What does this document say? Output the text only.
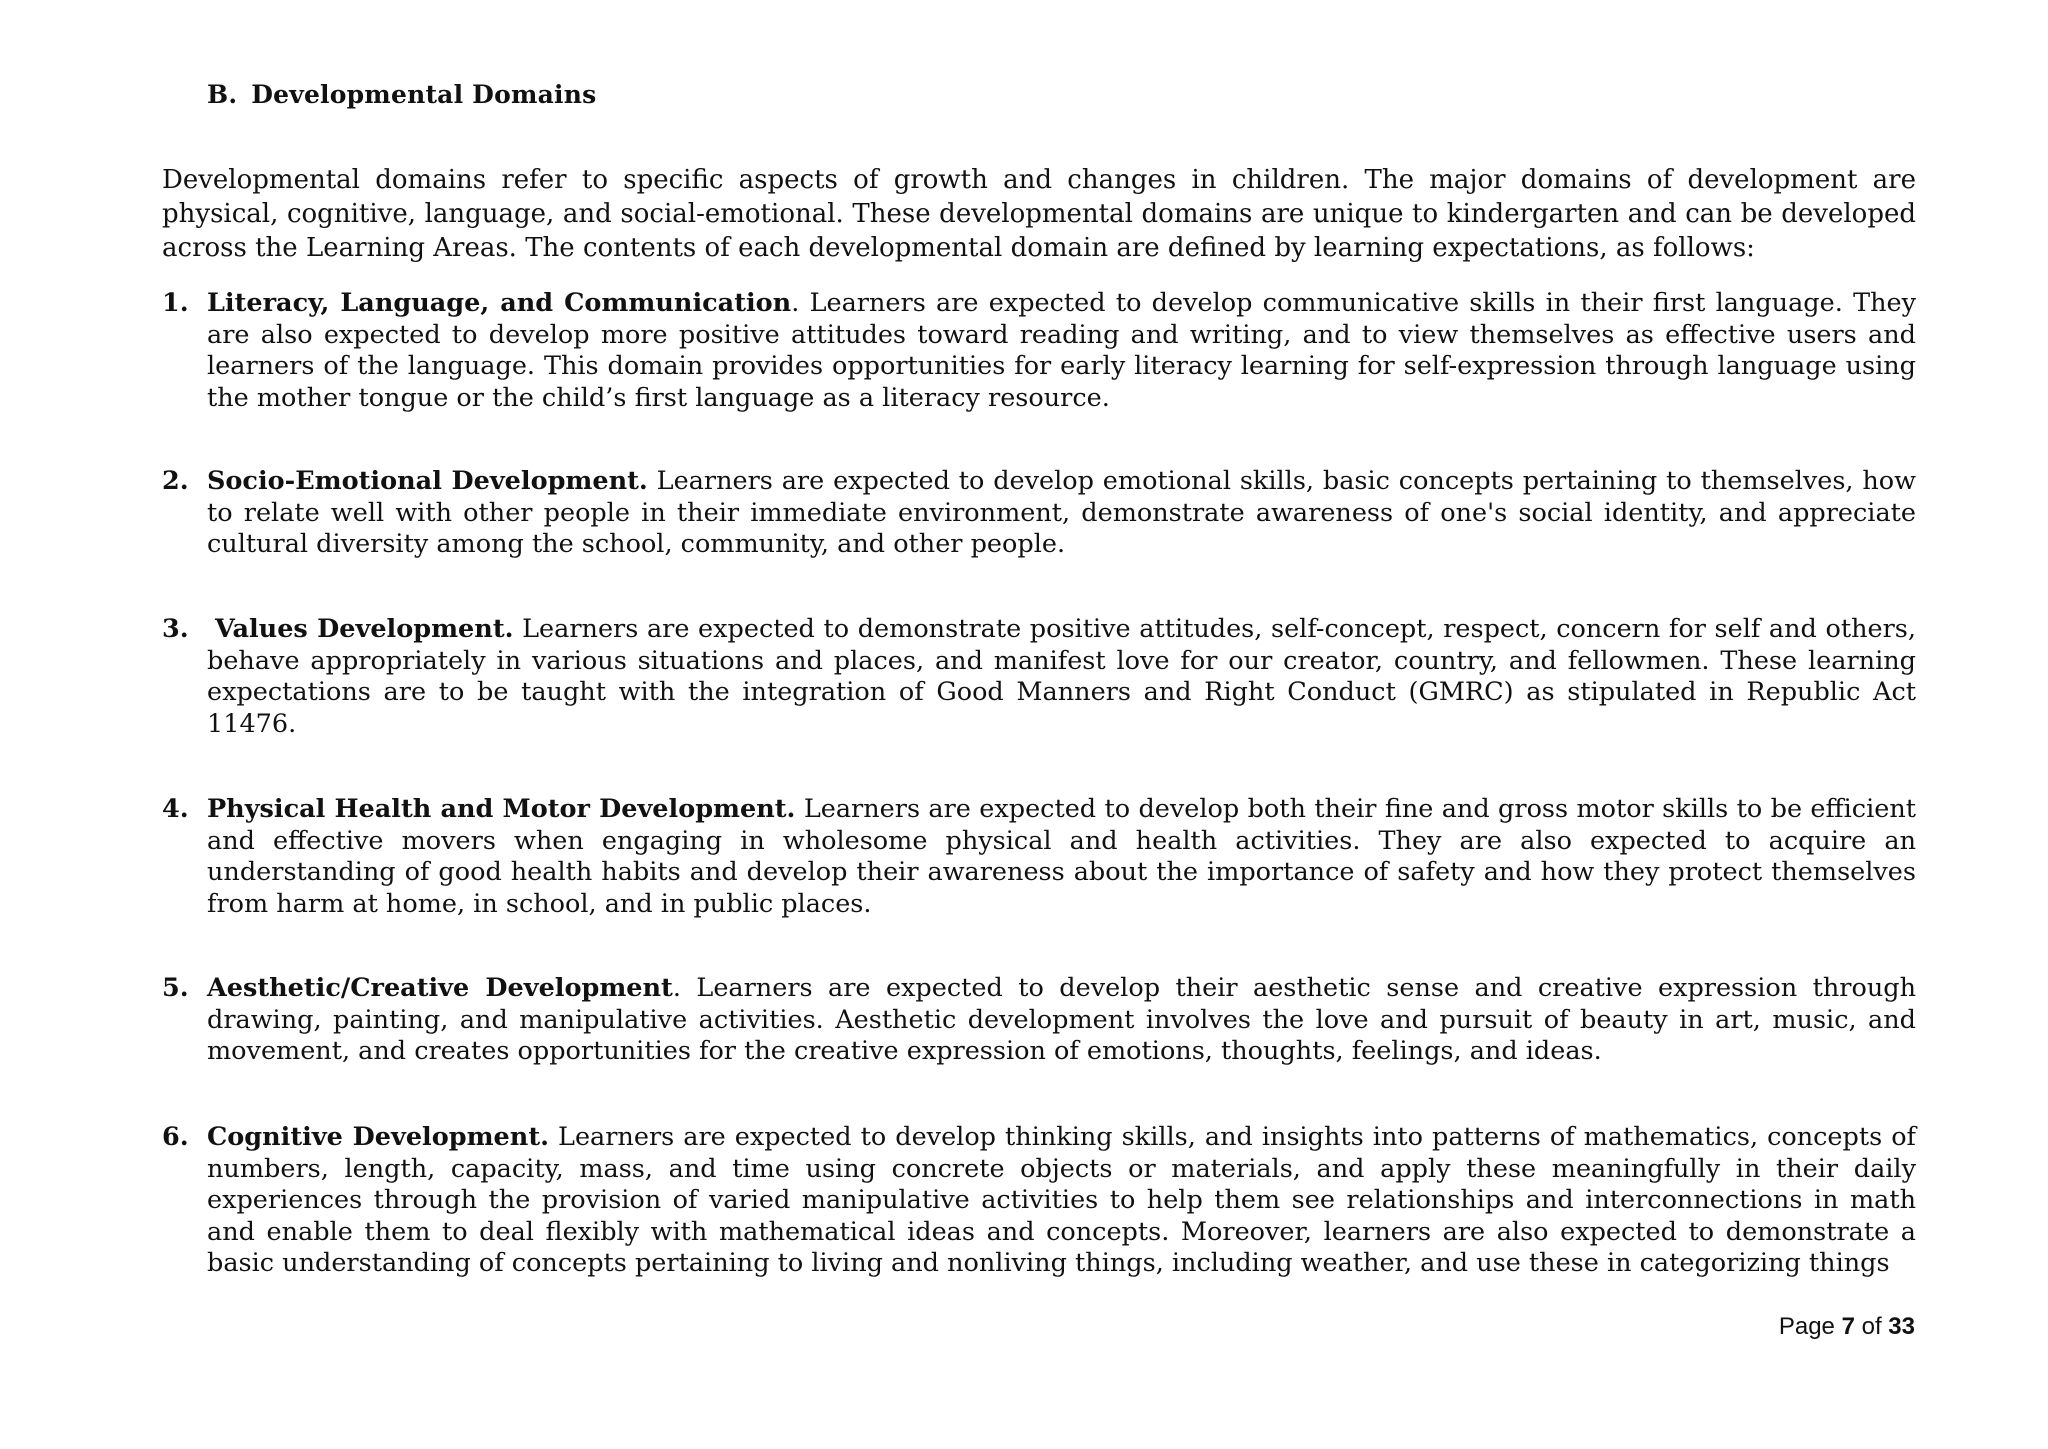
B. Developmental Domains

Developmental domains refer to specific aspects of growth and changes in children. The major domains of development are physical, cognitive, language, and social-emotional. These developmental domains are unique to kindergarten and can be developed across the Learning Areas. The contents of each developmental domain are defined by learning expectations, as follows:

1. Literacy, Language, and Communication. Learners are expected to develop communicative skills in their first language. They are also expected to develop more positive attitudes toward reading and writing, and to view themselves as effective users and learners of the language. This domain provides opportunities for early literacy learning for self-expression through language using the mother tongue or the child’s first language as a literacy resource.
2. Socio-Emotional Development. Learners are expected to develop emotional skills, basic concepts pertaining to themselves, how to relate well with other people in their immediate environment, demonstrate awareness of one's social identity, and appreciate cultural diversity among the school, community, and other people.
3.	Values Development. Learners are expected to demonstrate positive attitudes, self-concept, respect, concern for self and others, behave appropriately in various situations and places, and manifest love for our creator, country, and fellowmen. These learning expectations are to be taught with the integration of Good Manners and Right Conduct (GMRC) as stipulated in Republic Act 11476.
4. Physical Health and Motor Development. Learners are expected to develop both their fine and gross motor skills to be efficient and effective movers when engaging in wholesome physical and health activities. They are also expected to acquire an understanding of good health habits and develop their awareness about the importance of safety and how they protect themselves from harm at home, in school, and in public places.
5. Aesthetic/Creative Development. Learners are expected to develop their aesthetic sense and creative expression through drawing, painting, and manipulative activities. Aesthetic development involves the love and pursuit of beauty in art, music, and movement, and creates opportunities for the creative expression of emotions, thoughts, feelings, and ideas.
6. Cognitive Development. Learners are expected to develop thinking skills, and insights into patterns of mathematics, concepts of numbers, length, capacity, mass, and time using concrete objects or materials, and apply these meaningfully in their daily experiences through the provision of varied manipulative activities to help them see relationships and interconnections in math and enable them to deal flexibly with mathematical ideas and concepts. Moreover, learners are also expected to demonstrate a basic understanding of concepts pertaining to living and nonliving things, including weather, and use these in categorizing things
Page 7 of 33
